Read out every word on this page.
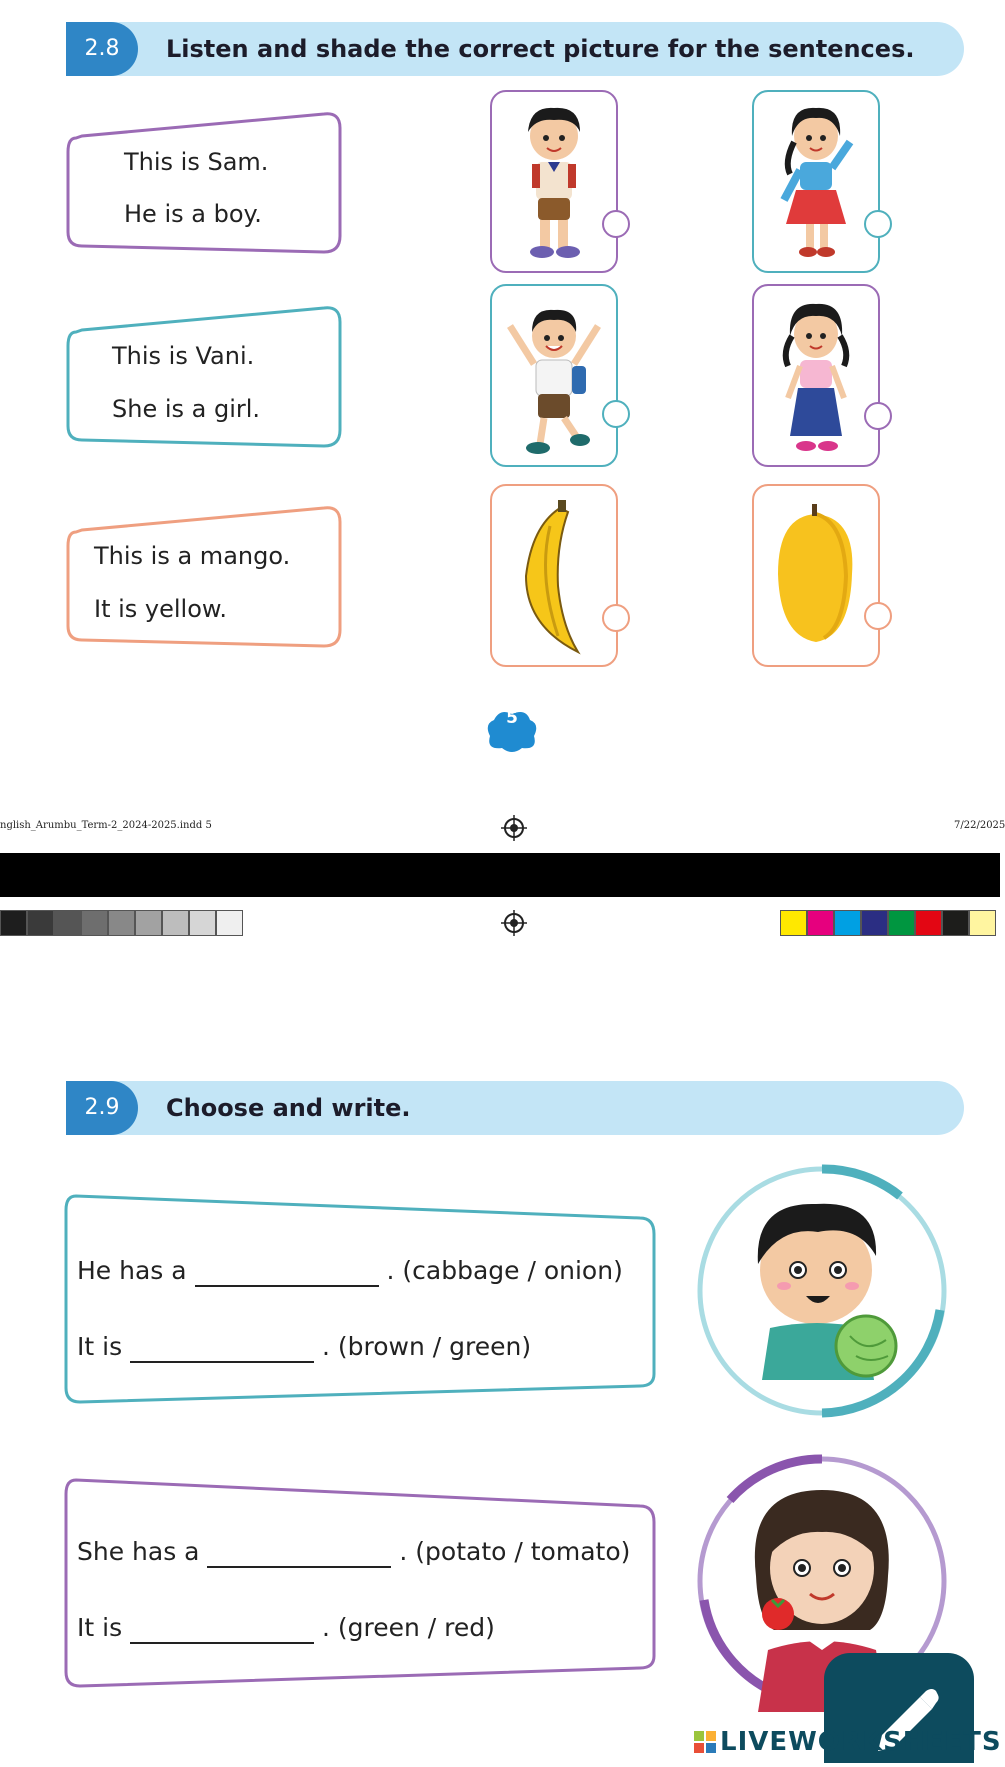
2.8	Listen and shade the correct picture for the sentences.
This is Sam.
He is a boy.
This is Vani.
She is a girl.
This is a mango.
It is yellow.
5
nglish_Arumbu_Term-2_2024-2025.indd 5	7/22/2025
2.9	Choose and write.
He has a	. (cabbage / onion)
It is	. (brown / green)
She has a	. (potato / tomato)
It is	. (green / red)
LIVEWORKSHEETS
